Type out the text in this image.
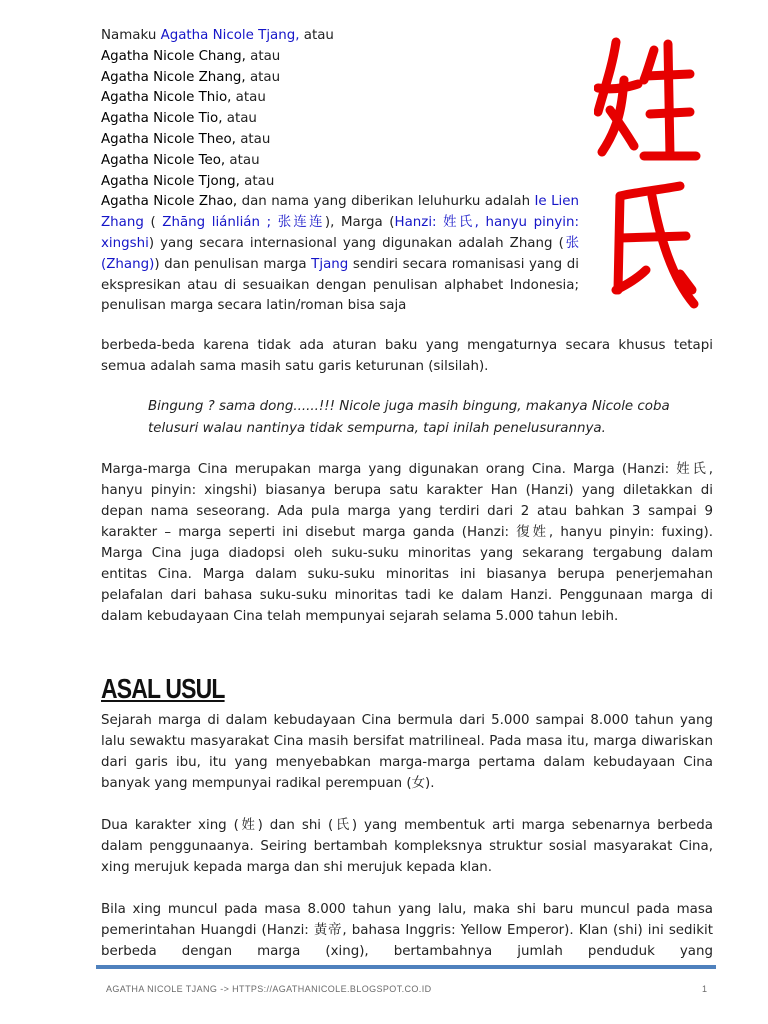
Namaku Agatha Nicole Tjang, atau
Agatha Nicole Chang, atau
Agatha Nicole Zhang, atau
Agatha Nicole Thio, atau
Agatha Nicole Tio, atau
Agatha Nicole Theo, atau
Agatha Nicole Teo, atau
Agatha Nicole Tjong, atau
Agatha Nicole Zhao, dan nama yang diberikan leluhurku adalah Ie Lien Zhang ( Zhāng liánlián ; 张连连), Marga (Hanzi: 姓氏, hanyu pinyin: xingshi) yang secara internasional yang digunakan adalah Zhang (张 (Zhang)) dan penulisan marga Tjang sendiri secara romanisasi yang di ekspresikan atau di sesuaikan dengan penulisan alphabet Indonesia; penulisan marga secara latin/roman bisa saja
berbeda-beda karena tidak ada aturan baku yang mengaturnya secara khusus tetapi semua adalah sama masih satu garis keturunan (silsilah).
Bingung ? sama dong......!!! Nicole juga masih bingung, makanya Nicole coba telusuri walau nantinya tidak sempurna, tapi inilah penelusurannya.
Marga-marga Cina merupakan marga yang digunakan orang Cina. Marga (Hanzi: 姓氏, hanyu pinyin: xingshi) biasanya berupa satu karakter Han (Hanzi) yang diletakkan di depan nama seseorang. Ada pula marga yang terdiri dari 2 atau bahkan 3 sampai 9 karakter – marga seperti ini disebut marga ganda (Hanzi: 復姓, hanyu pinyin: fuxing). Marga Cina juga diadopsi oleh suku-suku minoritas yang sekarang tergabung dalam entitas Cina. Marga dalam suku-suku minoritas ini biasanya berupa penerjemahan pelafalan dari bahasa suku-suku minoritas tadi ke dalam Hanzi. Penggunaan marga di dalam kebudayaan Cina telah mempunyai sejarah selama 5.000 tahun lebih.
ASAL USUL
Sejarah marga di dalam kebudayaan Cina bermula dari 5.000 sampai 8.000 tahun yang lalu sewaktu masyarakat Cina masih bersifat matrilineal. Pada masa itu, marga diwariskan dari garis ibu, itu yang menyebabkan marga-marga pertama dalam kebudayaan Cina banyak yang mempunyai radikal perempuan (女).
Dua karakter xing (姓) dan shi (氏) yang membentuk arti marga sebenarnya berbeda dalam penggunaanya. Seiring bertambah kompleksnya struktur sosial masyarakat Cina, xing merujuk kepada marga dan shi merujuk kepada klan.
Bila xing muncul pada masa 8.000 tahun yang lalu, maka shi baru muncul pada masa pemerintahan Huangdi (Hanzi: 黃帝, bahasa Inggris: Yellow Emperor). Klan (shi) ini sedikit berbeda dengan marga (xing), bertambahnya jumlah penduduk yang
AGATHA NICOLE TJANG -> HTTPS://AGATHANICOLE.BLOGSPOT.CO.ID	1
